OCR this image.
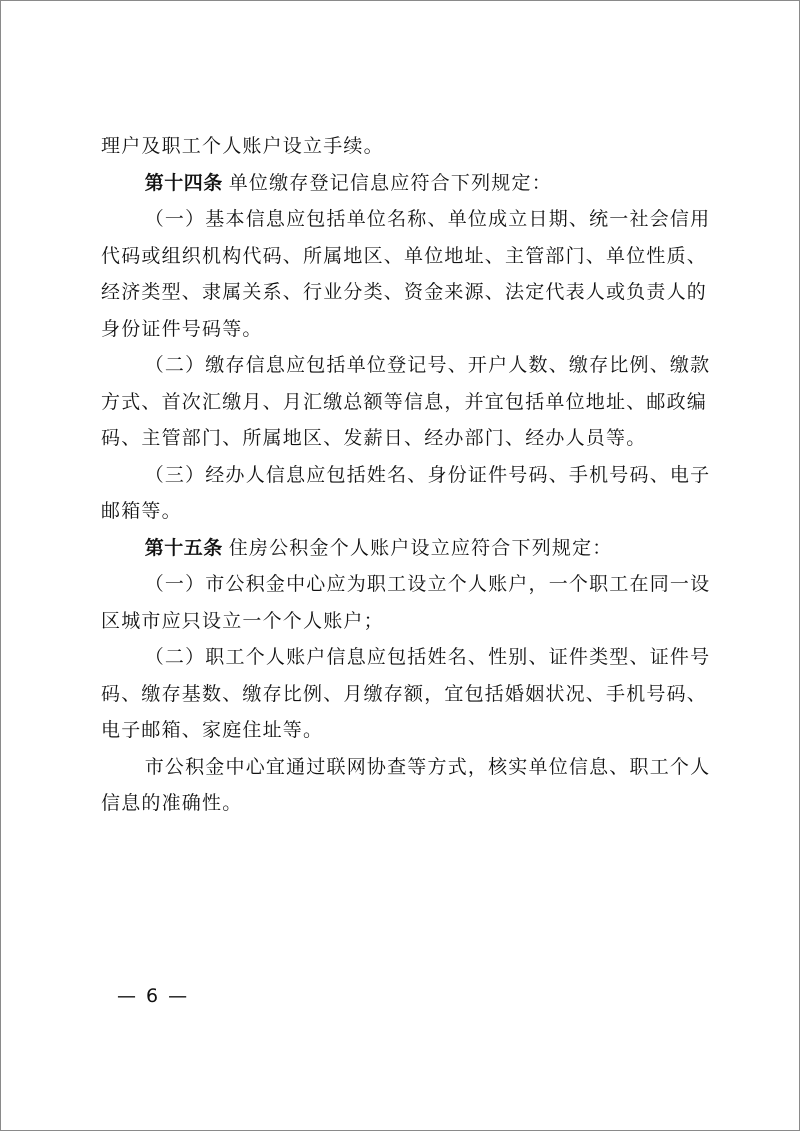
理户及职工个人账户设立手续。

第十四条 单位缴存登记信息应符合下列规定：

（一）基本信息应包括单位名称、单位成立日期、统一社会信用代码或组织机构代码、所属地区、单位地址、主管部门、单位性质、经济类型、隶属关系、行业分类、资金来源、法定代表人或负责人的身份证件号码等。

（二）缴存信息应包括单位登记号、开户人数、缴存比例、缴款方式、首次汇缴月、月汇缴总额等信息，并宜包括单位地址、邮政编码、主管部门、所属地区、发薪日、经办部门、经办人员等。

（三）经办人信息应包括姓名、身份证件号码、手机号码、电子邮箱等。

第十五条 住房公积金个人账户设立应符合下列规定：

（一）市公积金中心应为职工设立个人账户，一个职工在同一设区城市应只设立一个个人账户；

（二）职工个人账户信息应包括姓名、性别、证件类型、证件号码、缴存基数、缴存比例、月缴存额，宜包括婚姻状况、手机号码、电子邮箱、家庭住址等。

市公积金中心宜通过联网协查等方式，核实单位信息、职工个人信息的准确性。

— 6 —
